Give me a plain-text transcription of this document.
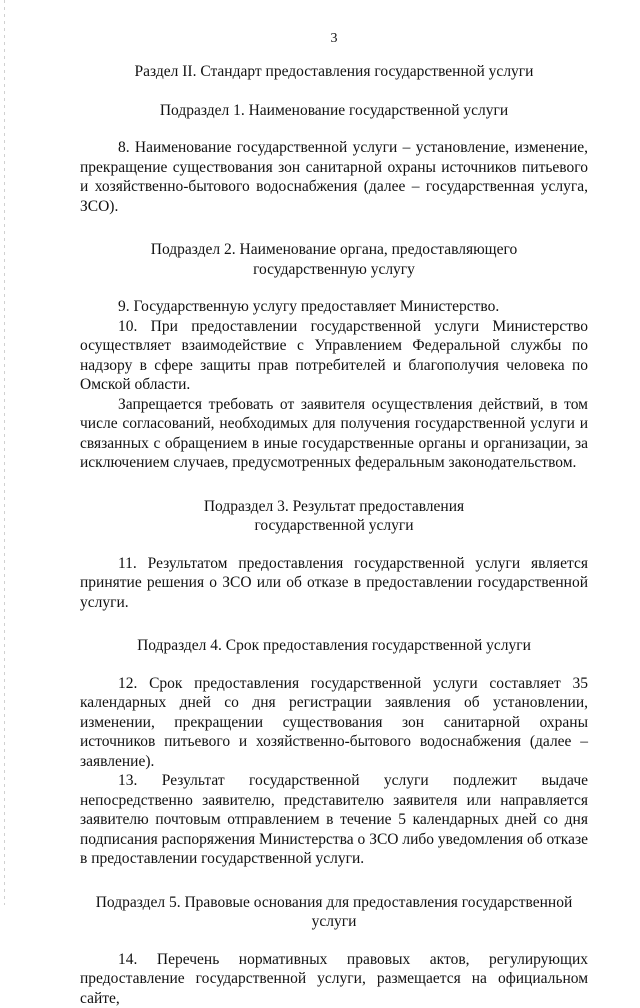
3
Раздел II. Стандарт предоставления государственной услуги
Подраздел 1. Наименование государственной услуги

8. Наименование государственной услуги – установление, изменение, прекращение существования зон санитарной охраны источников питьевого и хозяйственно-бытового водоснабжения (далее – государственная услуга, ЗСО).

Подраздел 2. Наименование органа, предоставляющего
государственную услугу

9. Государственную услугу предоставляет Министерство.

10. При предоставлении государственной услуги Министерство осуществляет взаимодействие с Управлением Федеральной службы по надзору в сфере защиты прав потребителей и благополучия человека по Омской области.

Запрещается требовать от заявителя осуществления действий, в том числе согласований, необходимых для получения государственной услуги и связанных с обращением в иные государственные органы и организации, за исключением случаев, предусмотренных федеральным законодательством.

Подраздел 3. Результат предоставления
государственной услуги

11. Результатом предоставления государственной услуги является принятие решения о ЗСО или об отказе в предоставлении государственной услуги.

Подраздел 4. Срок предоставления государственной услуги

12. Срок предоставления государственной услуги составляет 35 календарных дней со дня регистрации заявления об установлении, изменении, прекращении существования зон санитарной охраны источников питьевого и хозяйственно-бытового водоснабжения (далее – заявление).

13. Результат государственной услуги подлежит выдаче непосредственно заявителю, представителю заявителя или направляется заявителю почтовым отправлением в течение 5 календарных дней со дня подписания распоряжения Министерства о ЗСО либо уведомления об отказе в предоставлении государственной услуги.

Подраздел 5. Правовые основания для предоставления государственной
услуги

14. Перечень нормативных правовых актов, регулирующих предоставление государственной услуги, размещается на официальном сайте,
